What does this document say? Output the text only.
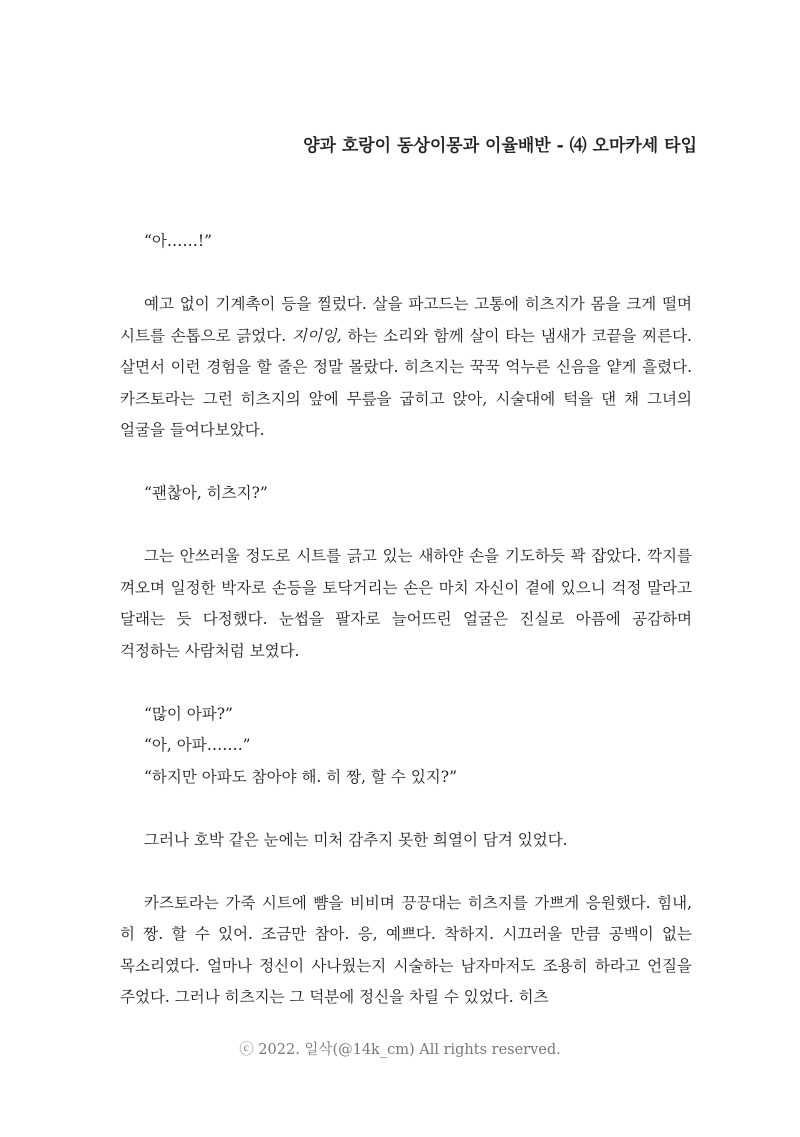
양과 호랑이 동상이몽과 이율배반 - ⑷ 오마카세 타입

“아……!”

예고 없이 기계촉이 등을 찔렀다. 살을 파고드는 고통에 히츠지가 몸을 크게 떨며 시트를 손톱으로 긁었다. 지이잉, 하는 소리와 함께 살이 타는 냄새가 코끝을 찌른다. 살면서 이런 경험을 할 줄은 정말 몰랐다. 히츠지는 꾹꾹 억누른 신음을 얕게 흘렸다. 카즈토라는 그런 히츠지의 앞에 무릎을 굽히고 앉아, 시술대에 턱을 댄 채 그녀의 얼굴을 들여다보았다.

“괜찮아, 히츠지?”

그는 안쓰러울 정도로 시트를 긁고 있는 새하얀 손을 기도하듯 꽉 잡았다. 깍지를 껴오며 일정한 박자로 손등을 토닥거리는 손은 마치 자신이 곁에 있으니 걱정 말라고 달래는 듯 다정했다. 눈썹을 팔자로 늘어뜨린 얼굴은 진실로 아픔에 공감하며 걱정하는 사람처럼 보였다.

“많이 아파?”

“아, 아파…….”

“하지만 아파도 참아야 해. 히 짱, 할 수 있지?”

그러나 호박 같은 눈에는 미처 감추지 못한 희열이 담겨 있었다.

카즈토라는 가죽 시트에 뺨을 비비며 끙끙대는 히츠지를 가쁘게 응원했다. 힘내, 히 짱. 할 수 있어. 조금만 참아. 응, 예쁘다. 착하지. 시끄러울 만큼 공백이 없는 목소리였다. 얼마나 정신이 사나웠는지 시술하는 남자마저도 조용히 하라고 언질을 주었다. 그러나 히츠지는 그 덕분에 정신을 차릴 수 있었다. 히츠

ⓒ 2022. 일삭(@14k_cm) All rights reserved.
